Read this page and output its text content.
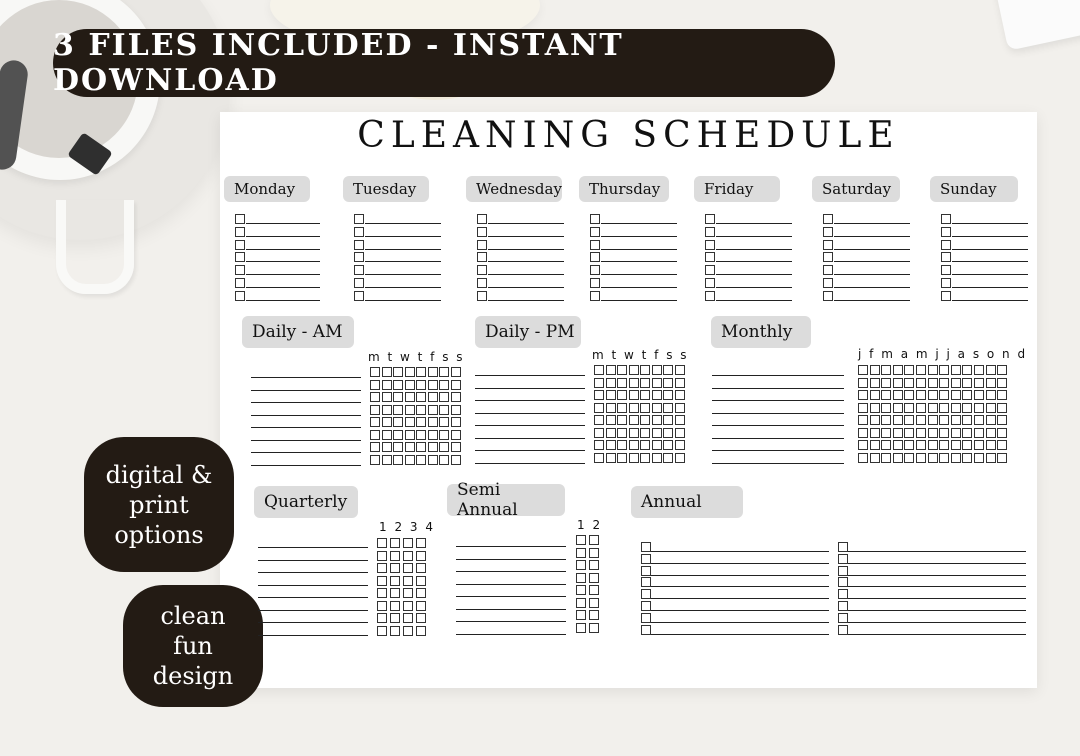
CLEANING SCHEDULE
3 FILES INCLUDED - INSTANT DOWNLOAD
digital &
print
options
clean
fun
design
Monday	Tuesday	Wednesday	Thursday	Friday	Saturday	Sunday
Daily - AM
m t w t f s s
Daily - PM
m t w t f s s
Monthly
j f m a m j j a s o n d
Quarterly
1 2 3 4
Semi Annual
1 2
Annual
